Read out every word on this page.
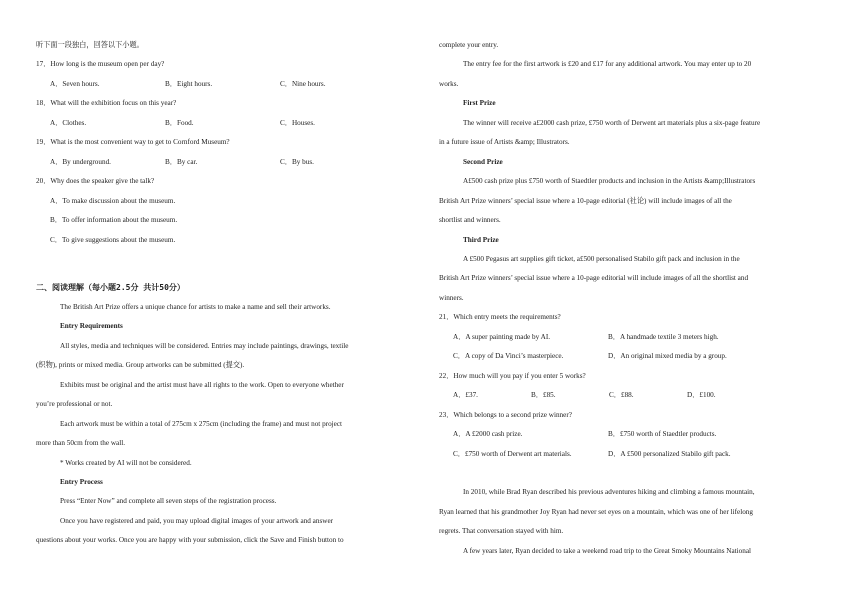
听下面一段独白，回答以下小题。

17．How long is the museum open per day?

A．Seven hours.	B．Eight hours.	C．Nine hours.

18．What will the exhibition focus on this year?

A．Clothes.	B．Food.	C．Houses.

19．What is the most convenient way to get to Cornford Museum?

A．By underground.	B．By car.	C．By bus.

20．Why does the speaker give the talk?

A．To make discussion about the museum.

B．To offer information about the museum.

C．To give suggestions about the museum.

二、阅读理解（每小题2.5分 共计50分）

The British Art Prize offers a unique chance for artists to make a name and sell their artworks.

Entry Requirements

All styles, media and techniques will be considered. Entries may include paintings, drawings, textile

(织物), prints or mixed media. Group artworks can be submitted (提交).

Exhibits must be original and the artist must have all rights to the work. Open to everyone whether

you’re professional or not.

Each artwork must be within a total of 275cm x 275cm (including the frame) and must not project

more than 50cm from the wall.

* Works created by AI will not be considered.

Entry Process

Press “Enter Now” and complete all seven steps of the registration process.

Once you have registered and paid, you may upload digital images of your artwork and answer

questions about your works. Once you are happy with your submission, click the Save and Finish button to

complete your entry.

The entry fee for the first artwork is £20 and £17 for any additional artwork. You may enter up to 20

works.

First Prize

The winner will receive a£2000 cash prize, £750 worth of Derwent art materials plus a six-page feature

in a future issue of Artists &amp; Illustrators.

Second Prize

A£500 cash prize plus £750 worth of Staedtler products and inclusion in the Artists &amp;Illustrators

British Art Prize winners’ special issue where a 10-page editorial (社论) will include images of all the

shortlist and winners.

Third Prize

A £500 Pegasus art supplies gift ticket, a£500 personalised Stabilo gift pack and inclusion in the

British Art Prize winners’ special issue where a 10-page editorial will include images of all the shortlist and

winners.

21．Which entry meets the requirements?

A．A super painting made by AI.	B．A handmade textile 3 meters high.
C．A copy of Da Vinci’s masterpiece.	D．An original mixed media by a group.

22．How much will you pay if you enter 5 works?

A．£37.	B．£85.	C．£88.	D．£100.

23．Which belongs to a second prize winner?

A．A £2000 cash prize.	B．£750 worth of Staedtler products.
C．£750 worth of Derwent art materials.	D．A £500 personalized Stabilo gift pack.

In 2010, while Brad Ryan described his previous adventures hiking and climbing a famous mountain,

Ryan learned that his grandmother Joy Ryan had never set eyes on a mountain, which was one of her lifelong

regrets. That conversation stayed with him.

A few years later, Ryan decided to take a weekend road trip to the Great Smoky Mountains National
